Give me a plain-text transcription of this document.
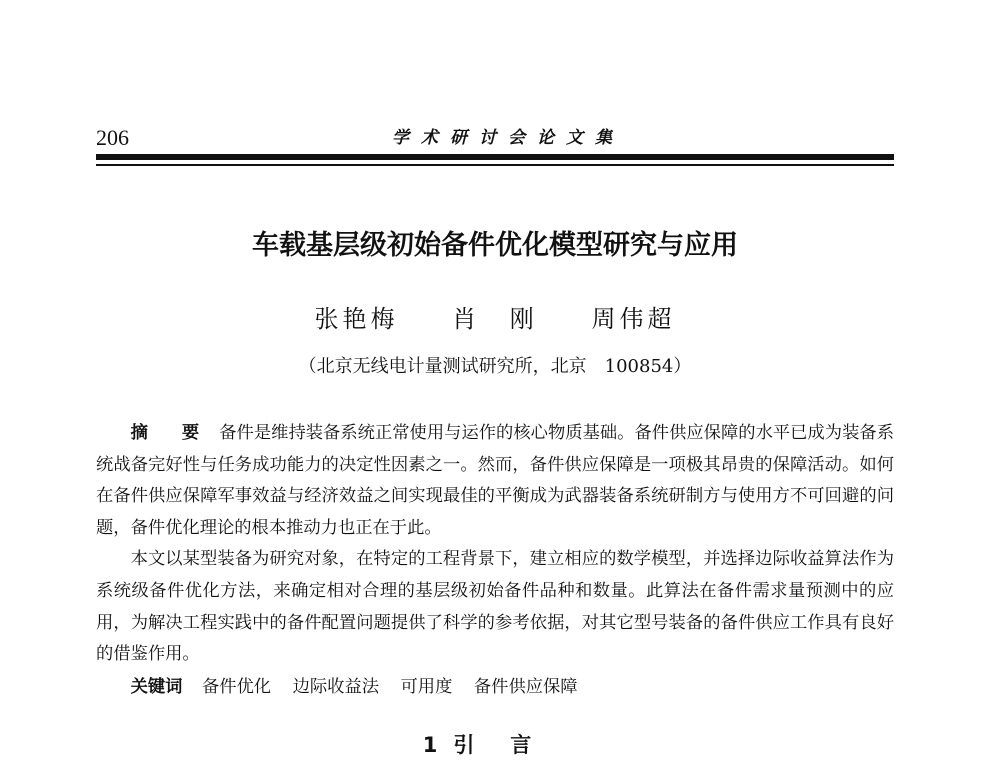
206	学术研讨会论文集
车载基层级初始备件优化模型研究与应用
张艳梅 肖 刚 周伟超
（北京无线电计量测试研究所，北京　100854）

摘 要 备件是维持装备系统正常使用与运作的核心物质基础。备件供应保障的水平已成为装备系统战备完好性与任务成功能力的决定性因素之一。然而，备件供应保障是一项极其昂贵的保障活动。如何在备件供应保障军事效益与经济效益之间实现最佳的平衡成为武器装备系统研制方与使用方不可回避的问题，备件优化理论的根本推动力也正在于此。

本文以某型装备为研究对象，在特定的工程背景下，建立相应的数学模型，并选择边际收益算法作为系统级备件优化方法，来确定相对合理的基层级初始备件品种和数量。此算法在备件需求量预测中的应用，为解决工程实践中的备件配置问题提供了科学的参考依据，对其它型号装备的备件供应工作具有良好的借鉴作用。

关键词 备件优化 边际收益法 可用度 备件供应保障
1 引言
